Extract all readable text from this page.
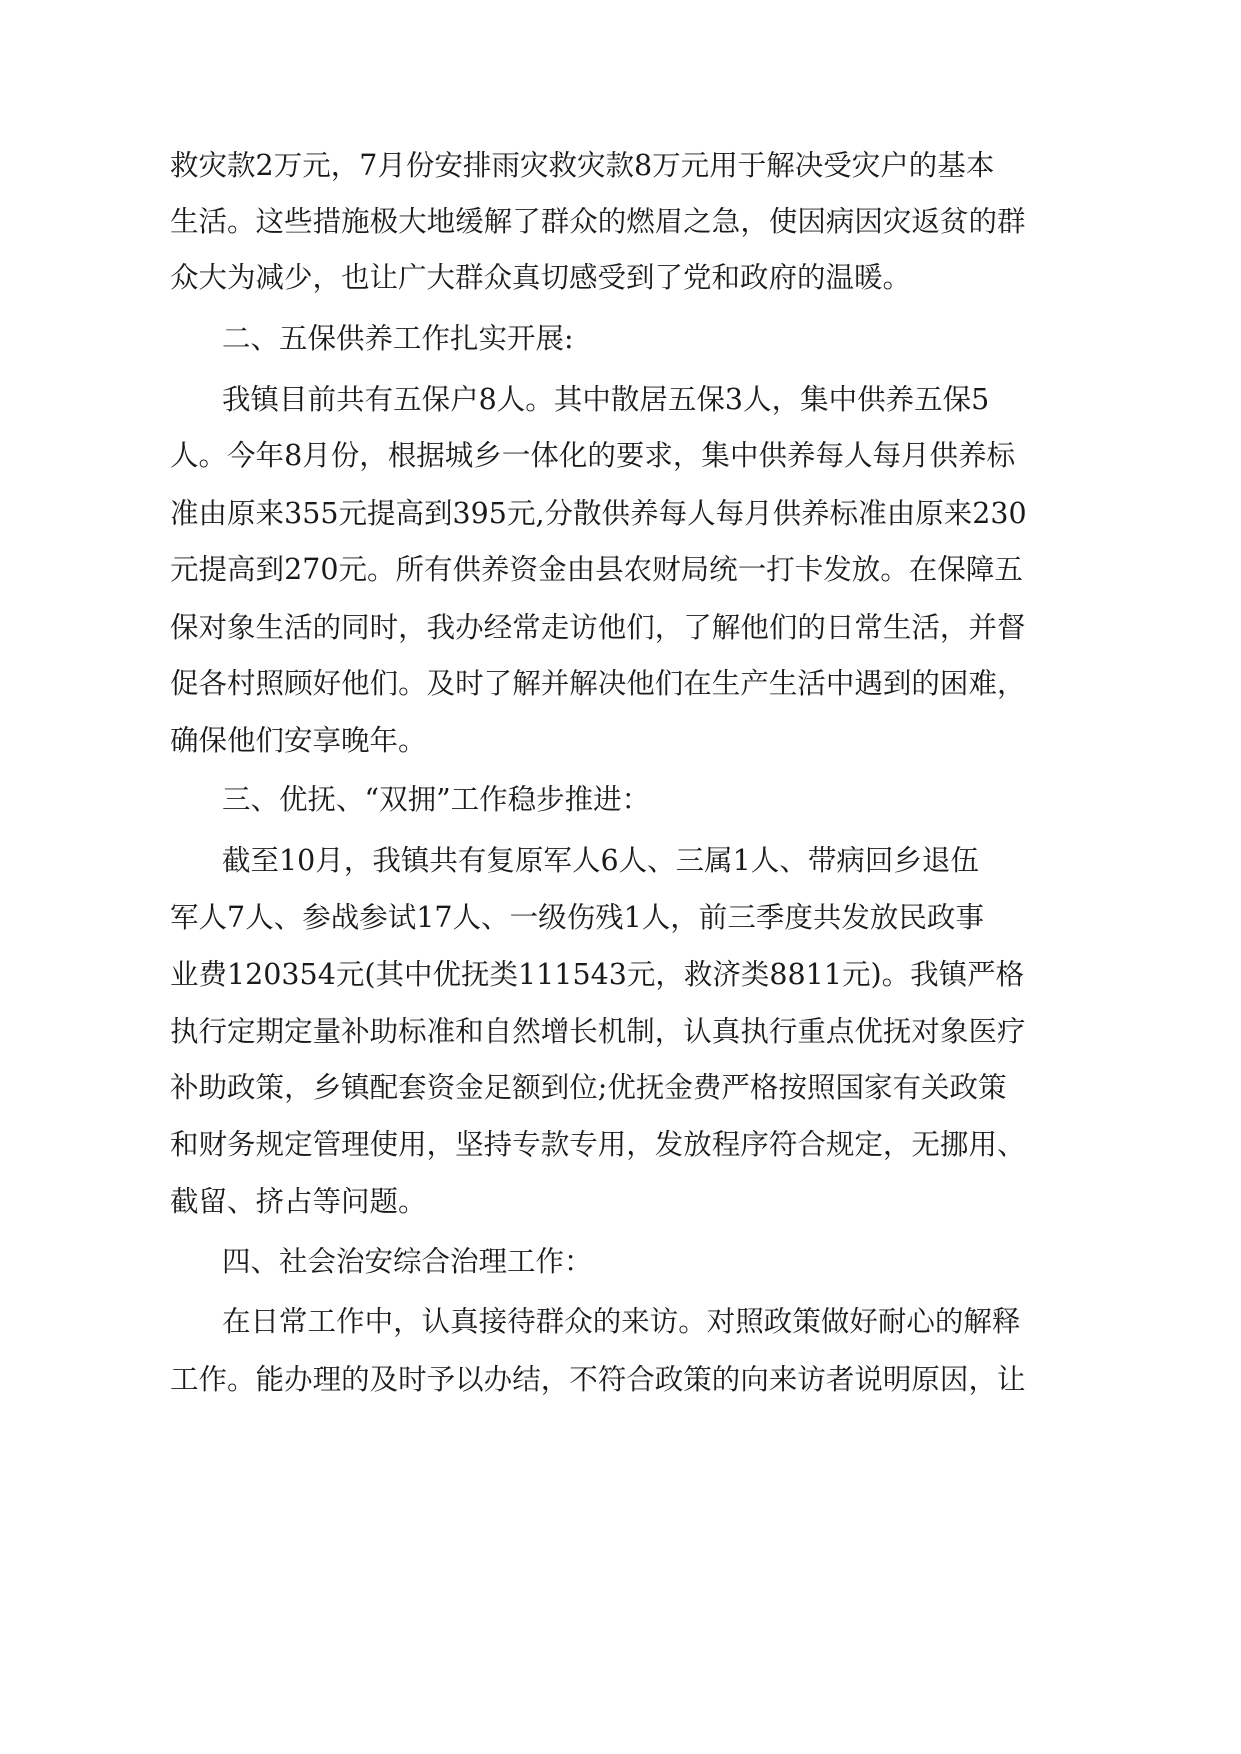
救 灾 款 2 万 元 ， 7 月 份 安 排 雨 灾 救 灾 款 8 万 元 用 于 解 决 受 灾 户 的 基 本
生 活 。 这 些 措 施 极 大 地 缓 解 了 群 众 的 燃 眉 之 急 ， 使 因 病 因 灾 返 贫 的 群
众大为减少，也让广大群众真切感受到了党和政府的温暖。
二、五保供养工作扎实开展:
我 镇 目 前 共 有 五 保 户 8 人 。 其 中 散 居 五 保 3 人 ， 集 中 供 养 五 保 5
人 。 今 年 8 月 份 ， 根 据 城 乡 一 体 化 的 要 求 ， 集 中 供 养 每 人 每 月 供 养 标
准 由 原 来 355 元 提 高 到 395 元 , 分 散 供 养 每 人 每 月 供 养 标 准 由 原 来 230
元 提 高 到 270 元 。 所 有 供 养 资 金 由 县 农 财 局 统 一 打 卡 发 放 。 在 保 障 五
保 对 象 生 活 的 同 时 ， 我 办 经 常 走 访 他 们 ， 了 解 他 们 的 日 常 生 活 ， 并 督
促 各 村 照 顾 好 他 们 。 及 时 了 解 并 解 决 他 们 在 生 产 生 活 中 遇 到 的 困 难 ，
确保他们安享晚年。
三、优抚、“双拥”工作稳步推进：
截 至 10 月 ， 我 镇 共 有 复 原 军 人 6 人 、 三 属 1 人 、 带 病 回 乡 退 伍
军 人 7 人 、 参 战 参 试 17 人 、 一 级 伤 残 1 人 ， 前 三 季 度 共 发 放 民 政 事
业 费 120354 元 ( 其 中 优 抚 类 111543 元 ， 救 济 类 8811 元 ) 。 我 镇 严 格
执 行 定 期 定 量 补 助 标 准 和 自 然 增 长 机 制 ， 认 真 执 行 重 点 优 抚 对 象 医 疗
补 助 政 策 ， 乡 镇 配 套 资 金 足 额 到 位 ; 优 抚 金 费 严 格 按 照 国 家 有 关 政 策
和 财 务 规 定 管 理 使 用 ， 坚 持 专 款 专 用 ， 发 放 程 序 符 合 规 定 ， 无 挪 用 、
截留、挤占等问题。
四、社会治安综合治理工作：
在 日 常 工 作 中 ， 认 真 接 待 群 众 的 来 访 。 对 照 政 策 做 好 耐 心 的 解 释
工 作 。 能 办 理 的 及 时 予 以 办 结 ， 不 符 合 政 策 的 向 来 访 者 说 明 原 因 ， 让
